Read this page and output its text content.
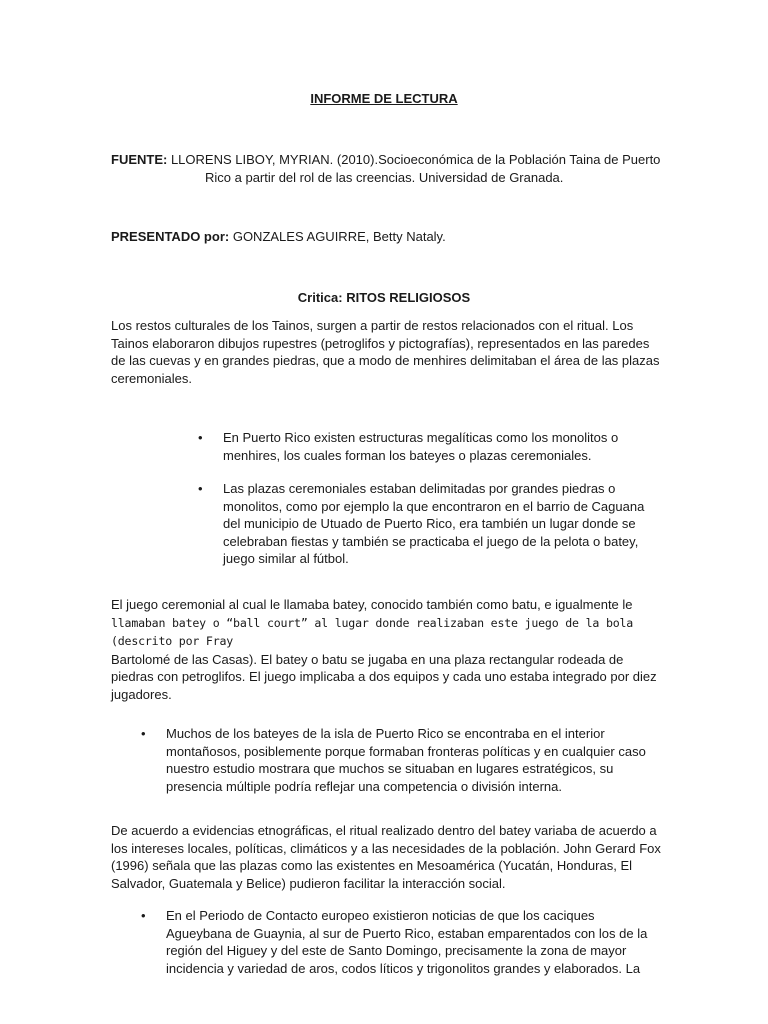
INFORME DE LECTURA
FUENTE: LLORENS LIBOY, MYRIAN. (2010).Socioeconómica de la Población Taina de Puerto
Rico a partir del rol de las creencias. Universidad de Granada.
PRESENTADO por: GONZALES AGUIRRE, Betty Nataly.
Critica: RITOS RELIGIOSOS
Los restos culturales de los Tainos, surgen a partir de restos relacionados con el ritual. Los Tainos elaboraron dibujos rupestres (petroglifos y pictografías), representados en las paredes de las cuevas y en grandes piedras, que a modo de menhires delimitaban el área de las plazas ceremoniales.
•	En Puerto Rico existen estructuras megalíticas como los monolitos o menhires, los cuales forman los bateyes o plazas ceremoniales.
•	Las plazas ceremoniales estaban delimitadas por grandes piedras o monolitos, como por ejemplo la que encontraron en el barrio de Caguana del municipio de Utuado de Puerto Rico, era también un lugar donde se celebraban fiestas y también se practicaba el juego de la pelota o batey, juego similar al fútbol.
El juego ceremonial al cual le llamaba batey, conocido también como batu, e igualmente le
llamaban batey o “ball court” al lugar donde realizaban este juego de la bola (descrito por Fray
Bartolomé de las Casas). El batey o batu se jugaba en una plaza rectangular rodeada de piedras con petroglifos. El juego implicaba a dos equipos y cada uno estaba integrado por diez jugadores.
•	Muchos de los bateyes de la isla de Puerto Rico se encontraba en el interior montañosos, posiblemente porque formaban fronteras políticas y en cualquier caso nuestro estudio mostrara que muchos se situaban en lugares estratégicos, su presencia múltiple podría reflejar una competencia o división interna.
De acuerdo a evidencias etnográficas, el ritual realizado dentro del batey variaba de acuerdo a los intereses locales, políticas, climáticos y a las necesidades de la población. John Gerard Fox (1996) señala que las plazas como las existentes en Mesoamérica (Yucatán, Honduras, El Salvador, Guatemala y Belice) pudieron facilitar la interacción social.
•	En el Periodo de Contacto europeo existieron noticias de que los caciques Agueybana de Guaynia, al sur de Puerto Rico, estaban emparentados con los de la región del Higuey y del este de Santo Domingo, precisamente la zona de mayor incidencia y variedad de aros, codos líticos y trigonolitos grandes y elaborados. La
